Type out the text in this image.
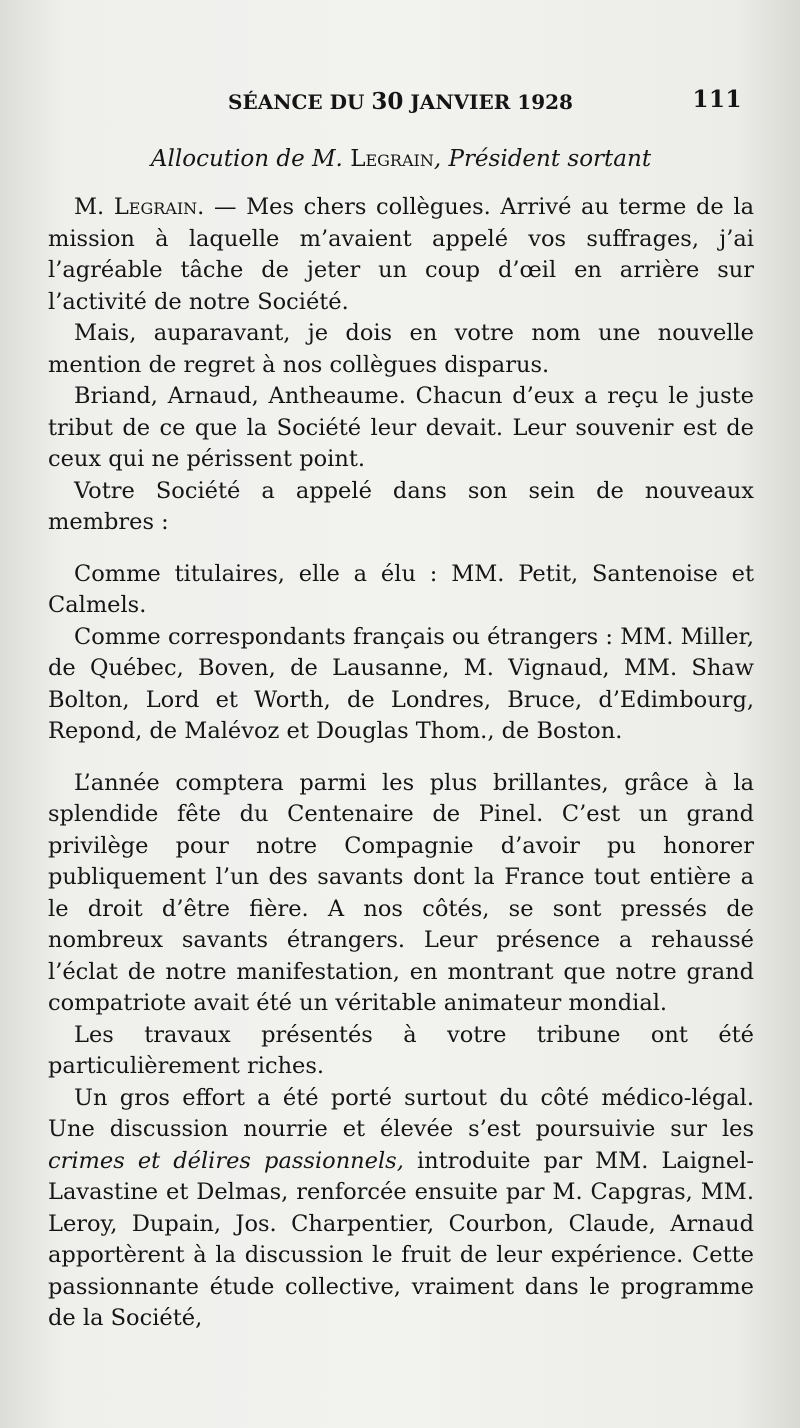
SÉANCE DU 30 JANVIER 1928	111
Allocution de M. Legrain, Président sortant

M. Legrain. — Mes chers collègues. Arrivé au terme de la mission à laquelle m’avaient appelé vos suffrages, j’ai l’agréable tâche de jeter un coup d’œil en arrière sur l’activité de notre Société.

Mais, auparavant, je dois en votre nom une nouvelle mention de regret à nos collègues disparus.

Briand, Arnaud, Antheaume. Chacun d’eux a reçu le juste tribut de ce que la Société leur devait. Leur souvenir est de ceux qui ne périssent point.

Votre Société a appelé dans son sein de nouveaux membres :

Comme titulaires, elle a élu : MM. Petit, Santenoise et Calmels.

Comme correspondants français ou étrangers : MM. Miller, de Québec, Boven, de Lausanne, M. Vignaud, MM. Shaw Bolton, Lord et Worth, de Londres, Bruce, d’Edimbourg, Repond, de Malévoz et Douglas Thom., de Boston.

L’année comptera parmi les plus brillantes, grâce à la splendide fête du Centenaire de Pinel. C’est un grand privilège pour notre Compagnie d’avoir pu honorer publiquement l’un des savants dont la France tout entière a le droit d’être fière. A nos côtés, se sont pressés de nombreux savants étrangers. Leur présence a rehaussé l’éclat de notre manifestation, en montrant que notre grand compatriote avait été un véritable animateur mondial.

Les travaux présentés à votre tribune ont été particulièrement riches.

Un gros effort a été porté surtout du côté médico-légal. Une discussion nourrie et élevée s’est poursuivie sur les crimes et délires passionnels, introduite par MM. Laignel-Lavastine et Delmas, renforcée ensuite par M. Capgras, MM. Leroy, Dupain, Jos. Charpentier, Courbon, Claude, Arnaud apportèrent à la discussion le fruit de leur expérience. Cette passionnante étude collective, vraiment dans le programme de la Société,
